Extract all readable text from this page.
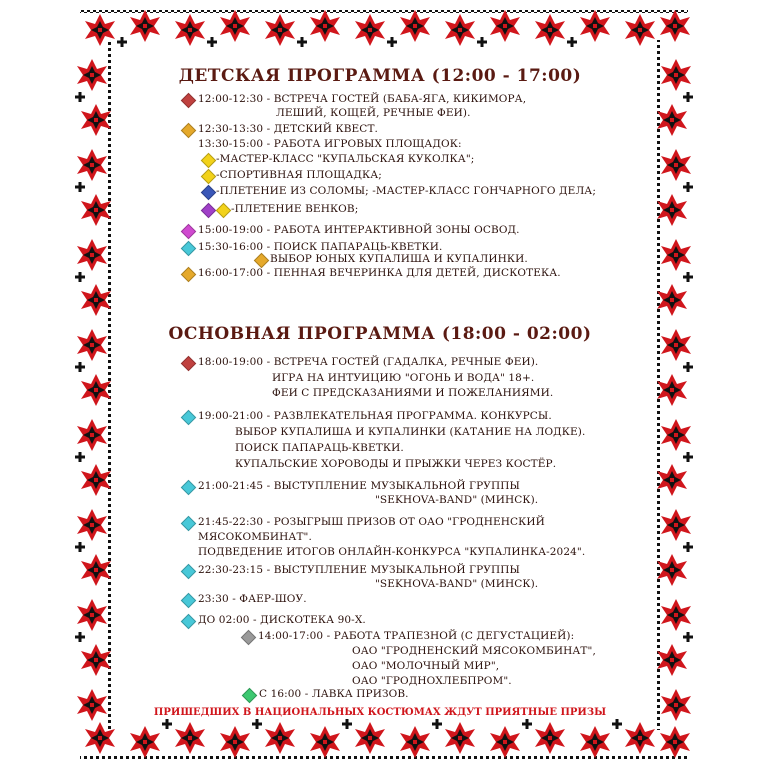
ДЕТСКАЯ ПРОГРАММА (12:00 - 17:00)
12:00-12:30 - ВСТРЕЧА ГОСТЕЙ (БАБА-ЯГА, КИКИМОРА,
ЛЕШИЙ, КОЩЕЙ, РЕЧНЫЕ ФЕИ).
12:30-13:30 - ДЕТСКИЙ КВЕСТ.
13:30-15:00 - РАБОТА ИГРОВЫХ ПЛОЩАДОК:
-МАСТЕР-КЛАСС "КУПАЛЬСКАЯ КУКОЛКА";
-СПОРТИВНАЯ ПЛОЩАДКА;
-ПЛЕТЕНИЕ ИЗ СОЛОМЫ; -МАСТЕР-КЛАСС ГОНЧАРНОГО ДЕЛА;
-ПЛЕТЕНИЕ ВЕНКОВ;
15:00-19:00 - РАБОТА ИНТЕРАКТИВНОЙ ЗОНЫ ОСВОД.
15:30-16:00 - ПОИСК ПАПАРАЦЬ-КВЕТКИ.
ВЫБОР ЮНЫХ КУПАЛИША И КУПАЛИНКИ.
16:00-17:00 - ПЕННАЯ ВЕЧЕРИНКА ДЛЯ ДЕТЕЙ, ДИСКОТЕКА.
ОСНОВНАЯ ПРОГРАММА (18:00 - 02:00)
18:00-19:00 - ВСТРЕЧА ГОСТЕЙ (ГАДАЛКА, РЕЧНЫЕ ФЕИ).
ИГРА НА ИНТУИЦИЮ "ОГОНЬ И ВОДА" 18+.
ФЕИ С ПРЕДСКАЗАНИЯМИ И ПОЖЕЛАНИЯМИ.
19:00-21:00 - РАЗВЛЕКАТЕЛЬНАЯ ПРОГРАММА. КОНКУРСЫ.
ВЫБОР КУПАЛИША И КУПАЛИНКИ (КАТАНИЕ НА ЛОДКЕ).
ПОИСК ПАПАРАЦЬ-КВЕТКИ.
КУПАЛЬСКИЕ ХОРОВОДЫ И ПРЫЖКИ ЧЕРЕЗ КОСТЁР.
21:00-21:45 - ВЫСТУПЛЕНИЕ МУЗЫКАЛЬНОЙ ГРУППЫ
"SEKHOVA-BAND" (МИНСК).
21:45-22:30 - РОЗЫГРЫШ ПРИЗОВ ОТ ОАО "ГРОДНЕНСКИЙ
МЯСОКОМБИНАТ".
ПОДВЕДЕНИЕ ИТОГОВ ОНЛАЙН-КОНКУРСА "КУПАЛИНКА-2024".
22:30-23:15 - ВЫСТУПЛЕНИЕ МУЗЫКАЛЬНОЙ ГРУППЫ
"SEKHOVA-BAND" (МИНСК).
23:30 - ФАЕР-ШОУ.
ДО 02:00 - ДИСКОТЕКА 90-Х.
14:00-17:00 - РАБОТА ТРАПЕЗНОЙ (С ДЕГУСТАЦИЕЙ):
ОАО "ГРОДНЕНСКИЙ МЯСОКОМБИНАТ",
ОАО "МОЛОЧНЫЙ МИР",
ОАО "ГРОДНОХЛЕБПРОМ".
С 16:00 - ЛАВКА ПРИЗОВ.
ПРИШЕДШИХ В НАЦИОНАЛЬНЫХ КОСТЮМАХ ЖДУТ ПРИЯТНЫЕ ПРИЗЫ
